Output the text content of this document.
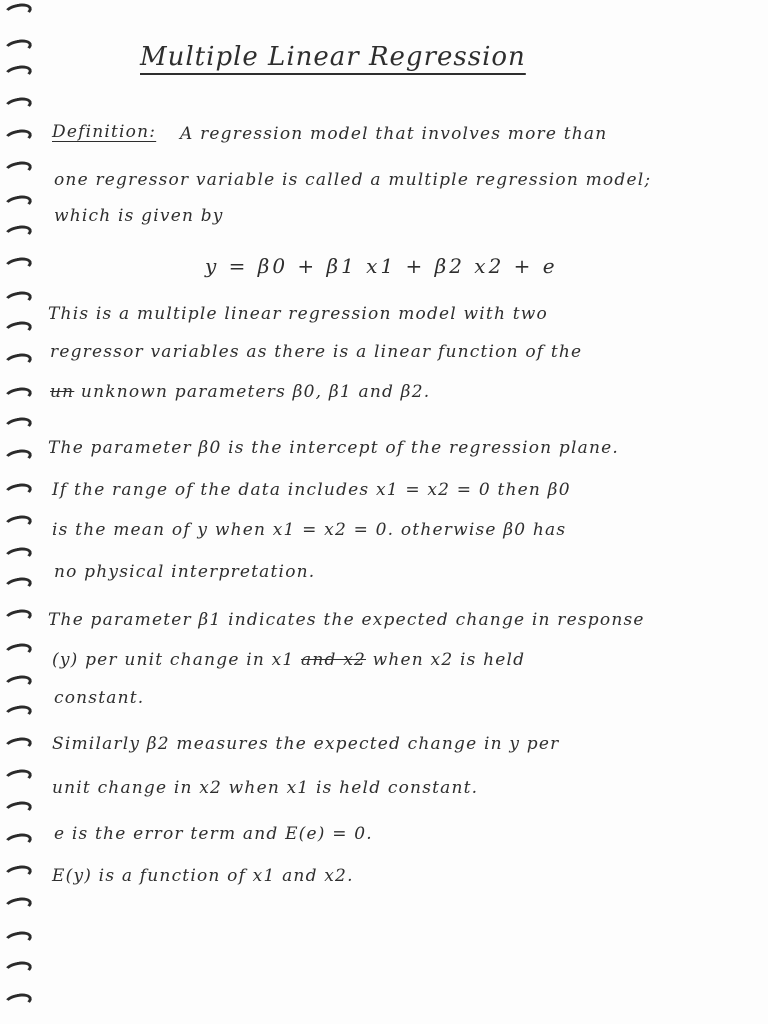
Multiple Linear Regression
Definition: A regression model that involves more than
one regressor variable is called a multiple regression model;
which is given by
y = β0 + β1 x1 + β2 x2 + e
This is a multiple linear regression model with two
regressor variables as there is a linear function of the
un unknown parameters β0, β1 and β2.
The parameter β0 is the intercept of the regression plane.
If the range of the data includes x1 = x2 = 0 then β0
is the mean of y when x1 = x2 = 0. otherwise β0 has
no physical interpretation.
The parameter β1 indicates the expected change in response
(y) per unit change in x1 and x2 when x2 is held
constant.
Similarly β2 measures the expected change in y per
unit change in x2 when x1 is held constant.
e is the error term and E(e) = 0.
E(y) is a function of x1 and x2.
